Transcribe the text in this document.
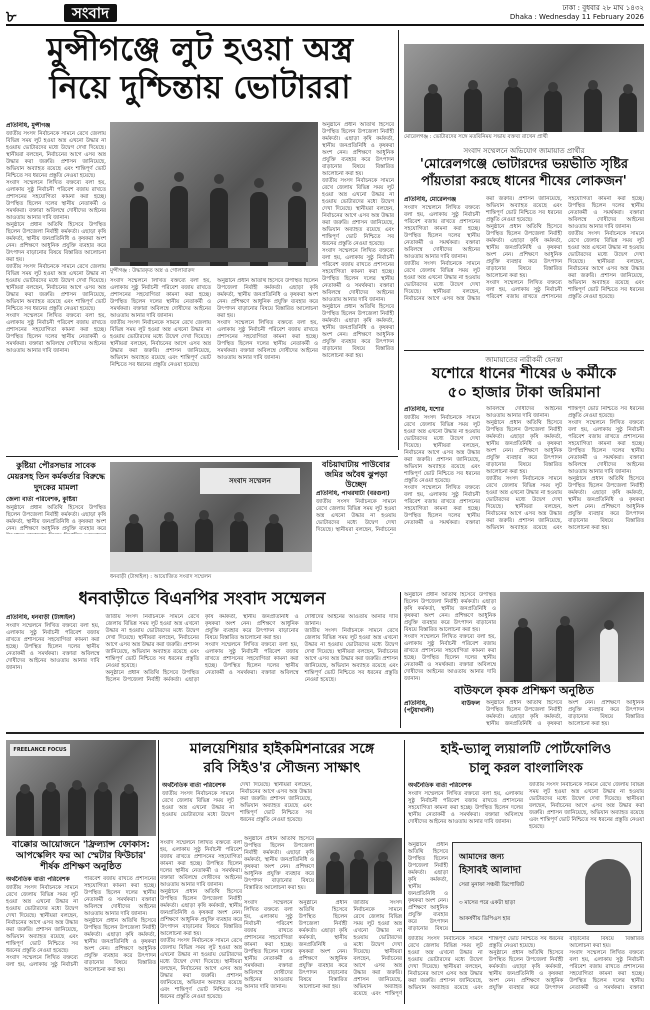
৮	সংবাদ	ঢাকা : বুধবার ২৮ মাঘ ১৪৩২
Dhaka : Wednesday 11 February 2026
মুন্সীগঞ্জে লুট হওয়া অস্ত্র
নিয়ে দুশ্চিন্তায় ভোটাররা
প্রতিনিধি, মুন্সীগঞ্জ
জাতীয় সংসদ নির্বাচনকে সামনে রেখে জেলায় বিভিন্ন সময় লুট হওয়া অস্ত্র এখনো উদ্ধার না হওয়ায় ভোটারদের মধ্যে উদ্বেগ দেখা দিয়েছে। স্থানীয়রা বলছেন, নির্বাচনের আগে এসব অস্ত্র উদ্ধার করা জরুরি। প্রশাসন জানিয়েছে, অভিযান অব্যাহত রয়েছে এবং শান্তিপূর্ণ ভোট নিশ্চিতে সব ধরনের প্রস্তুতি নেওয়া হয়েছে।
সংবাদ সম্মেলনে লিখিত বক্তব্যে বলা হয়, এলাকায় সুষ্ঠু নির্বাচনী পরিবেশ বজায় রাখতে প্রশাসনের সহযোগিতা কামনা করা হচ্ছে। উপস্থিত ছিলেন দলের স্থানীয় নেতাকর্মী ও সমর্থকরা। বক্তারা অবিলম্বে দোষীদের আইনের আওতায় আনার দাবি জানান।
অনুষ্ঠানে প্রধান অতিথি হিসেবে উপস্থিত ছিলেন উপজেলা নির্বাহী কর্মকর্তা। এছাড়া কৃষি কর্মকর্তা, স্থানীয় জনপ্রতিনিধি ও কৃষকরা অংশ নেন। প্রশিক্ষণে আধুনিক প্রযুক্তি ব্যবহার করে উৎপাদন বাড়ানোর বিষয়ে বিস্তারিত আলোচনা করা হয়।
জাতীয় সংসদ নির্বাচনকে সামনে রেখে জেলায় বিভিন্ন সময় লুট হওয়া অস্ত্র এখনো উদ্ধার না হওয়ায় ভোটারদের মধ্যে উদ্বেগ দেখা দিয়েছে। স্থানীয়রা বলছেন, নির্বাচনের আগে এসব অস্ত্র উদ্ধার করা জরুরি। প্রশাসন জানিয়েছে, অভিযান অব্যাহত রয়েছে এবং শান্তিপূর্ণ ভোট নিশ্চিতে সব ধরনের প্রস্তুতি নেওয়া হয়েছে।
সংবাদ সম্মেলনে লিখিত বক্তব্যে বলা হয়, এলাকায় সুষ্ঠু নির্বাচনী পরিবেশ বজায় রাখতে প্রশাসনের সহযোগিতা কামনা করা হচ্ছে। উপস্থিত ছিলেন দলের স্থানীয় নেতাকর্মী ও সমর্থকরা। বক্তারা অবিলম্বে দোষীদের আইনের আওতায় আনার দাবি জানান।
মুন্সীগঞ্জ : উদ্ধারকৃত অস্ত্র ও গোলাবারুদ
সংবাদ সম্মেলনে লিখিত বক্তব্যে বলা হয়, এলাকায় সুষ্ঠু নির্বাচনী পরিবেশ বজায় রাখতে প্রশাসনের সহযোগিতা কামনা করা হচ্ছে। উপস্থিত ছিলেন দলের স্থানীয় নেতাকর্মী ও সমর্থকরা। বক্তারা অবিলম্বে দোষীদের আইনের আওতায় আনার দাবি জানান।
জাতীয় সংসদ নির্বাচনকে সামনে রেখে জেলায় বিভিন্ন সময় লুট হওয়া অস্ত্র এখনো উদ্ধার না হওয়ায় ভোটারদের মধ্যে উদ্বেগ দেখা দিয়েছে। স্থানীয়রা বলছেন, নির্বাচনের আগে এসব অস্ত্র উদ্ধার করা জরুরি। প্রশাসন জানিয়েছে, অভিযান অব্যাহত রয়েছে এবং শান্তিপূর্ণ ভোট নিশ্চিতে সব ধরনের প্রস্তুতি নেওয়া হয়েছে।
অনুষ্ঠানে প্রধান অতিথি হিসেবে উপস্থিত ছিলেন উপজেলা নির্বাহী কর্মকর্তা। এছাড়া কৃষি কর্মকর্তা, স্থানীয় জনপ্রতিনিধি ও কৃষকরা অংশ নেন। প্রশিক্ষণে আধুনিক প্রযুক্তি ব্যবহার করে উৎপাদন বাড়ানোর বিষয়ে বিস্তারিত আলোচনা করা হয়।
সংবাদ সম্মেলনে লিখিত বক্তব্যে বলা হয়, এলাকায় সুষ্ঠু নির্বাচনী পরিবেশ বজায় রাখতে প্রশাসনের সহযোগিতা কামনা করা হচ্ছে। উপস্থিত ছিলেন দলের স্থানীয় নেতাকর্মী ও সমর্থকরা। বক্তারা অবিলম্বে দোষীদের আইনের আওতায় আনার দাবি জানান।
অনুষ্ঠানে প্রধান অতিথি হিসেবে উপস্থিত ছিলেন উপজেলা নির্বাহী কর্মকর্তা। এছাড়া কৃষি কর্মকর্তা, স্থানীয় জনপ্রতিনিধি ও কৃষকরা অংশ নেন। প্রশিক্ষণে আধুনিক প্রযুক্তি ব্যবহার করে উৎপাদন বাড়ানোর বিষয়ে বিস্তারিত আলোচনা করা হয়।
জাতীয় সংসদ নির্বাচনকে সামনে রেখে জেলায় বিভিন্ন সময় লুট হওয়া অস্ত্র এখনো উদ্ধার না হওয়ায় ভোটারদের মধ্যে উদ্বেগ দেখা দিয়েছে। স্থানীয়রা বলছেন, নির্বাচনের আগে এসব অস্ত্র উদ্ধার করা জরুরি। প্রশাসন জানিয়েছে, অভিযান অব্যাহত রয়েছে এবং শান্তিপূর্ণ ভোট নিশ্চিতে সব ধরনের প্রস্তুতি নেওয়া হয়েছে।
সংবাদ সম্মেলনে লিখিত বক্তব্যে বলা হয়, এলাকায় সুষ্ঠু নির্বাচনী পরিবেশ বজায় রাখতে প্রশাসনের সহযোগিতা কামনা করা হচ্ছে। উপস্থিত ছিলেন দলের স্থানীয় নেতাকর্মী ও সমর্থকরা। বক্তারা অবিলম্বে দোষীদের আইনের আওতায় আনার দাবি জানান।
অনুষ্ঠানে প্রধান অতিথি হিসেবে উপস্থিত ছিলেন উপজেলা নির্বাহী কর্মকর্তা। এছাড়া কৃষি কর্মকর্তা, স্থানীয় জনপ্রতিনিধি ও কৃষকরা অংশ নেন। প্রশিক্ষণে আধুনিক প্রযুক্তি ব্যবহার করে উৎপাদন বাড়ানোর বিষয়ে বিস্তারিত আলোচনা করা হয়।
মোরেলগঞ্জ : ভোটারদের সঙ্গে মতবিনিময় সভায় বক্তব্য রাখেন প্রার্থী
সংবাদ সম্মেলনে অভিযোগ জামায়াত প্রার্থীর
'মোরেলগঞ্জে ভোটারদের ভয়ভীতি সৃষ্টির পাঁয়তারা করছে ধানের শীষের লোকজন'
প্রতিনিধি, মোরেলগঞ্জ
সংবাদ সম্মেলনে লিখিত বক্তব্যে বলা হয়, এলাকায় সুষ্ঠু নির্বাচনী পরিবেশ বজায় রাখতে প্রশাসনের সহযোগিতা কামনা করা হচ্ছে। উপস্থিত ছিলেন দলের স্থানীয় নেতাকর্মী ও সমর্থকরা। বক্তারা অবিলম্বে দোষীদের আইনের আওতায় আনার দাবি জানান।
জাতীয় সংসদ নির্বাচনকে সামনে রেখে জেলায় বিভিন্ন সময় লুট হওয়া অস্ত্র এখনো উদ্ধার না হওয়ায় ভোটারদের মধ্যে উদ্বেগ দেখা দিয়েছে। স্থানীয়রা বলছেন, নির্বাচনের আগে এসব অস্ত্র উদ্ধার করা জরুরি। প্রশাসন জানিয়েছে, অভিযান অব্যাহত রয়েছে এবং শান্তিপূর্ণ ভোট নিশ্চিতে সব ধরনের প্রস্তুতি নেওয়া হয়েছে।
অনুষ্ঠানে প্রধান অতিথি হিসেবে উপস্থিত ছিলেন উপজেলা নির্বাহী কর্মকর্তা। এছাড়া কৃষি কর্মকর্তা, স্থানীয় জনপ্রতিনিধি ও কৃষকরা অংশ নেন। প্রশিক্ষণে আধুনিক প্রযুক্তি ব্যবহার করে উৎপাদন বাড়ানোর বিষয়ে বিস্তারিত আলোচনা করা হয়।
সংবাদ সম্মেলনে লিখিত বক্তব্যে বলা হয়, এলাকায় সুষ্ঠু নির্বাচনী পরিবেশ বজায় রাখতে প্রশাসনের সহযোগিতা কামনা করা হচ্ছে। উপস্থিত ছিলেন দলের স্থানীয় নেতাকর্মী ও সমর্থকরা। বক্তারা অবিলম্বে দোষীদের আইনের আওতায় আনার দাবি জানান।
জাতীয় সংসদ নির্বাচনকে সামনে রেখে জেলায় বিভিন্ন সময় লুট হওয়া অস্ত্র এখনো উদ্ধার না হওয়ায় ভোটারদের মধ্যে উদ্বেগ দেখা দিয়েছে। স্থানীয়রা বলছেন, নির্বাচনের আগে এসব অস্ত্র উদ্ধার করা জরুরি। প্রশাসন জানিয়েছে, অভিযান অব্যাহত রয়েছে এবং শান্তিপূর্ণ ভোট নিশ্চিতে সব ধরনের প্রস্তুতি নেওয়া হয়েছে।
জামায়াতের নারীকর্মী হেনস্তা
যশোরে ধানের শীষের ৬ কর্মীকে
৫০ হাজার টাকা জরিমানা
প্রতিনিধি, যশোর
জাতীয় সংসদ নির্বাচনকে সামনে রেখে জেলায় বিভিন্ন সময় লুট হওয়া অস্ত্র এখনো উদ্ধার না হওয়ায় ভোটারদের মধ্যে উদ্বেগ দেখা দিয়েছে। স্থানীয়রা বলছেন, নির্বাচনের আগে এসব অস্ত্র উদ্ধার করা জরুরি। প্রশাসন জানিয়েছে, অভিযান অব্যাহত রয়েছে এবং শান্তিপূর্ণ ভোট নিশ্চিতে সব ধরনের প্রস্তুতি নেওয়া হয়েছে।
সংবাদ সম্মেলনে লিখিত বক্তব্যে বলা হয়, এলাকায় সুষ্ঠু নির্বাচনী পরিবেশ বজায় রাখতে প্রশাসনের সহযোগিতা কামনা করা হচ্ছে। উপস্থিত ছিলেন দলের স্থানীয় নেতাকর্মী ও সমর্থকরা। বক্তারা অবিলম্বে দোষীদের আইনের আওতায় আনার দাবি জানান।
অনুষ্ঠানে প্রধান অতিথি হিসেবে উপস্থিত ছিলেন উপজেলা নির্বাহী কর্মকর্তা। এছাড়া কৃষি কর্মকর্তা, স্থানীয় জনপ্রতিনিধি ও কৃষকরা অংশ নেন। প্রশিক্ষণে আধুনিক প্রযুক্তি ব্যবহার করে উৎপাদন বাড়ানোর বিষয়ে বিস্তারিত আলোচনা করা হয়।
জাতীয় সংসদ নির্বাচনকে সামনে রেখে জেলায় বিভিন্ন সময় লুট হওয়া অস্ত্র এখনো উদ্ধার না হওয়ায় ভোটারদের মধ্যে উদ্বেগ দেখা দিয়েছে। স্থানীয়রা বলছেন, নির্বাচনের আগে এসব অস্ত্র উদ্ধার করা জরুরি। প্রশাসন জানিয়েছে, অভিযান অব্যাহত রয়েছে এবং শান্তিপূর্ণ ভোট নিশ্চিতে সব ধরনের প্রস্তুতি নেওয়া হয়েছে।
সংবাদ সম্মেলনে লিখিত বক্তব্যে বলা হয়, এলাকায় সুষ্ঠু নির্বাচনী পরিবেশ বজায় রাখতে প্রশাসনের সহযোগিতা কামনা করা হচ্ছে। উপস্থিত ছিলেন দলের স্থানীয় নেতাকর্মী ও সমর্থকরা। বক্তারা অবিলম্বে দোষীদের আইনের আওতায় আনার দাবি জানান।
অনুষ্ঠানে প্রধান অতিথি হিসেবে উপস্থিত ছিলেন উপজেলা নির্বাহী কর্মকর্তা। এছাড়া কৃষি কর্মকর্তা, স্থানীয় জনপ্রতিনিধি ও কৃষকরা অংশ নেন। প্রশিক্ষণে আধুনিক প্রযুক্তি ব্যবহার করে উৎপাদন বাড়ানোর বিষয়ে বিস্তারিত আলোচনা করা হয়।
কুষ্টিয়া পৌরসভার সাবেক মেয়রসহ তিন কর্মকর্তার বিরুদ্ধে দুদকের মামলা
জেলা বার্তা পরিবেশক, কুষ্টিয়া
অনুষ্ঠানে প্রধান অতিথি হিসেবে উপস্থিত ছিলেন উপজেলা নির্বাহী কর্মকর্তা। এছাড়া কৃষি কর্মকর্তা, স্থানীয় জনপ্রতিনিধি ও কৃষকরা অংশ নেন। প্রশিক্ষণে আধুনিক প্রযুক্তি ব্যবহার করে
বচিয়াঘাটায় পাউবোর জমির অবৈধ ঝুপড়া উচ্ছেদ
প্রতিনিধি, পাথরঘাটা (বরগুনা)
জাতীয় সংসদ নির্বাচনকে সামনে রেখে জেলায় বিভিন্ন সময় লুট হওয়া অস্ত্র এখনো উদ্ধার না হওয়ায় ভোটারদের মধ্যে উদ্বেগ দেখা দিয়েছে। স্থানীয়রা বলছেন, নির্বাচনের
সংবাদ সম্মেলন
ধনবাড়ী (টাঙ্গাইল) : আয়োজিত সংবাদ সম্মেলন
ধনবাড়ীতে বিএনপির সংবাদ সম্মেলন
প্রতিনিধি, ধনবাড়ী (টাঙ্গাইল)
সংবাদ সম্মেলনে লিখিত বক্তব্যে বলা হয়, এলাকায় সুষ্ঠু নির্বাচনী পরিবেশ বজায় রাখতে প্রশাসনের সহযোগিতা কামনা করা হচ্ছে। উপস্থিত ছিলেন দলের স্থানীয় নেতাকর্মী ও সমর্থকরা। বক্তারা অবিলম্বে দোষীদের আইনের আওতায় আনার দাবি জানান।
জাতীয় সংসদ নির্বাচনকে সামনে রেখে জেলায় বিভিন্ন সময় লুট হওয়া অস্ত্র এখনো উদ্ধার না হওয়ায় ভোটারদের মধ্যে উদ্বেগ দেখা দিয়েছে। স্থানীয়রা বলছেন, নির্বাচনের আগে এসব অস্ত্র উদ্ধার করা জরুরি। প্রশাসন জানিয়েছে, অভিযান অব্যাহত রয়েছে এবং শান্তিপূর্ণ ভোট নিশ্চিতে সব ধরনের প্রস্তুতি নেওয়া হয়েছে।
অনুষ্ঠানে প্রধান অতিথি হিসেবে উপস্থিত ছিলেন উপজেলা নির্বাহী কর্মকর্তা। এছাড়া কৃষি কর্মকর্তা, স্থানীয় জনপ্রতিনিধি ও কৃষকরা অংশ নেন। প্রশিক্ষণে আধুনিক প্রযুক্তি ব্যবহার করে উৎপাদন বাড়ানোর বিষয়ে বিস্তারিত আলোচনা করা হয়।
সংবাদ সম্মেলনে লিখিত বক্তব্যে বলা হয়, এলাকায় সুষ্ঠু নির্বাচনী পরিবেশ বজায় রাখতে প্রশাসনের সহযোগিতা কামনা করা হচ্ছে। উপস্থিত ছিলেন দলের স্থানীয় নেতাকর্মী ও সমর্থকরা। বক্তারা অবিলম্বে দোষীদের আইনের আওতায় আনার দাবি জানান।
জাতীয় সংসদ নির্বাচনকে সামনে রেখে জেলায় বিভিন্ন সময় লুট হওয়া অস্ত্র এখনো উদ্ধার না হওয়ায় ভোটারদের মধ্যে উদ্বেগ দেখা দিয়েছে। স্থানীয়রা বলছেন, নির্বাচনের আগে এসব অস্ত্র উদ্ধার করা জরুরি। প্রশাসন জানিয়েছে, অভিযান অব্যাহত রয়েছে এবং শান্তিপূর্ণ ভোট নিশ্চিতে সব ধরনের প্রস্তুতি নেওয়া হয়েছে।
অনুষ্ঠানে প্রধান অতিথি হিসেবে উপস্থিত ছিলেন উপজেলা নির্বাহী কর্মকর্তা। এছাড়া কৃষি কর্মকর্তা, স্থানীয় জনপ্রতিনিধি ও কৃষকরা অংশ নেন। প্রশিক্ষণে আধুনিক প্রযুক্তি ব্যবহার করে উৎপাদন বাড়ানোর বিষয়ে বিস্তারিত আলোচনা করা হয়।
সংবাদ সম্মেলনে লিখিত বক্তব্যে বলা হয়, এলাকায় সুষ্ঠু নির্বাচনী পরিবেশ বজায় রাখতে প্রশাসনের সহযোগিতা কামনা করা হচ্ছে। উপস্থিত ছিলেন দলের স্থানীয় নেতাকর্মী ও সমর্থকরা। বক্তারা অবিলম্বে দোষীদের আইনের আওতায় আনার দাবি জানান।
বাউফলে কৃষক প্রশিক্ষণ অনুষ্ঠিত
প্রতিনিধি, বাউফল (পটুয়াখালী)
অনুষ্ঠানে প্রধান অতিথি হিসেবে উপস্থিত ছিলেন উপজেলা নির্বাহী কর্মকর্তা। এছাড়া কৃষি কর্মকর্তা, স্থানীয় জনপ্রতিনিধি ও কৃষকরা অংশ নেন। প্রশিক্ষণে আধুনিক প্রযুক্তি ব্যবহার করে উৎপাদন বাড়ানোর বিষয়ে বিস্তারিত আলোচনা করা হয়।
FREELANCE FOCUS
বাক্কোর আয়োজনে 'ফ্রিল্যান্স ফোকাস: আপস্কেলিং ফর আ স্মেটার ফিউচার' শীর্ষক প্রশিক্ষণ অনুষ্ঠিত
অর্থনৈতিক বার্তা পরিবেশক
জাতীয় সংসদ নির্বাচনকে সামনে রেখে জেলায় বিভিন্ন সময় লুট হওয়া অস্ত্র এখনো উদ্ধার না হওয়ায় ভোটারদের মধ্যে উদ্বেগ দেখা দিয়েছে। স্থানীয়রা বলছেন, নির্বাচনের আগে এসব অস্ত্র উদ্ধার করা জরুরি। প্রশাসন জানিয়েছে, অভিযান অব্যাহত রয়েছে এবং শান্তিপূর্ণ ভোট নিশ্চিতে সব ধরনের প্রস্তুতি নেওয়া হয়েছে।
সংবাদ সম্মেলনে লিখিত বক্তব্যে বলা হয়, এলাকায় সুষ্ঠু নির্বাচনী পরিবেশ বজায় রাখতে প্রশাসনের সহযোগিতা কামনা করা হচ্ছে। উপস্থিত ছিলেন দলের স্থানীয় নেতাকর্মী ও সমর্থকরা। বক্তারা অবিলম্বে দোষীদের আইনের আওতায় আনার দাবি জানান।
অনুষ্ঠানে প্রধান অতিথি হিসেবে উপস্থিত ছিলেন উপজেলা নির্বাহী কর্মকর্তা। এছাড়া কৃষি কর্মকর্তা, স্থানীয় জনপ্রতিনিধি ও কৃষকরা অংশ নেন। প্রশিক্ষণে আধুনিক প্রযুক্তি ব্যবহার করে উৎপাদন বাড়ানোর বিষয়ে বিস্তারিত আলোচনা করা হয়।
সংবাদ সম্মেলনে লিখিত বক্তব্যে বলা হয়, এলাকায় সুষ্ঠু নির্বাচনী পরিবেশ বজায় রাখতে প্রশাসনের সহযোগিতা কামনা করা হচ্ছে। উপস্থিত ছিলেন দলের স্থানীয় নেতাকর্মী ও সমর্থকরা। বক্তারা অবিলম্বে দোষীদের আইনের আওতায় আনার দাবি জানান।
অনুষ্ঠানে প্রধান অতিথি হিসেবে উপস্থিত ছিলেন উপজেলা নির্বাহী কর্মকর্তা। এছাড়া কৃষি কর্মকর্তা, স্থানীয় জনপ্রতিনিধি ও কৃষকরা অংশ নেন। প্রশিক্ষণে আধুনিক প্রযুক্তি ব্যবহার করে উৎপাদন বাড়ানোর বিষয়ে বিস্তারিত আলোচনা করা হয়।
জাতীয় সংসদ নির্বাচনকে সামনে রেখে জেলায় বিভিন্ন সময় লুট হওয়া অস্ত্র এখনো উদ্ধার না হওয়ায় ভোটারদের মধ্যে উদ্বেগ দেখা দিয়েছে। স্থানীয়রা বলছেন, নির্বাচনের আগে এসব অস্ত্র উদ্ধার করা জরুরি। প্রশাসন জানিয়েছে, অভিযান অব্যাহত রয়েছে এবং শান্তিপূর্ণ ভোট নিশ্চিতে সব ধরনের প্রস্তুতি নেওয়া হয়েছে।
মালয়েশিয়ার হাইকমিশনারের সঙ্গে
রবি সিইও'র সৌজন্য সাক্ষাৎ
অর্থনৈতিক বার্তা পরিবেশক
জাতীয় সংসদ নির্বাচনকে সামনে রেখে জেলায় বিভিন্ন সময় লুট হওয়া অস্ত্র এখনো উদ্ধার না হওয়ায় ভোটারদের মধ্যে উদ্বেগ দেখা দিয়েছে। স্থানীয়রা বলছেন, নির্বাচনের আগে এসব অস্ত্র উদ্ধার করা জরুরি। প্রশাসন জানিয়েছে, অভিযান অব্যাহত রয়েছে এবং শান্তিপূর্ণ ভোট নিশ্চিতে সব ধরনের প্রস্তুতি নেওয়া হয়েছে।
সংবাদ সম্মেলনে লিখিত বক্তব্যে বলা হয়, এলাকায় সুষ্ঠু নির্বাচনী পরিবেশ বজায় রাখতে প্রশাসনের সহযোগিতা কামনা করা হচ্ছে। উপস্থিত ছিলেন দলের স্থানীয় নেতাকর্মী ও সমর্থকরা। বক্তারা অবিলম্বে দোষীদের আইনের আওতায় আনার দাবি জানান।
অনুষ্ঠানে প্রধান অতিথি হিসেবে উপস্থিত ছিলেন উপজেলা নির্বাহী কর্মকর্তা। এছাড়া কৃষি কর্মকর্তা, স্থানীয় জনপ্রতিনিধি ও কৃষকরা অংশ নেন। প্রশিক্ষণে আধুনিক প্রযুক্তি ব্যবহার করে উৎপাদন বাড়ানোর বিষয়ে বিস্তারিত আলোচনা করা হয়।
জাতীয় সংসদ নির্বাচনকে সামনে রেখে জেলায় বিভিন্ন সময় লুট হওয়া অস্ত্র এখনো উদ্ধার না হওয়ায় ভোটারদের মধ্যে উদ্বেগ দেখা দিয়েছে। স্থানীয়রা বলছেন, নির্বাচনের আগে এসব অস্ত্র উদ্ধার করা জরুরি। প্রশাসন জানিয়েছে, অভিযান অব্যাহত রয়েছে এবং শান্তিপূর্ণ
অনুষ্ঠানে প্রধান অতিথি হিসেবে উপস্থিত ছিলেন উপজেলা নির্বাহী কর্মকর্তা। এছাড়া কৃষি কর্মকর্তা, স্থানীয় জনপ্রতিনিধি ও কৃষকরা অংশ নেন। প্রশিক্ষণে আধুনিক প্রযুক্তি ব্যবহার করে উৎপাদন বাড়ানোর বিষয়ে বিস্তারিত আলোচনা করা হয়।
হাই-ভ্যালু ল্যয়ালটি পোর্টফোলিও
চালু করল বাংলালিংক
অর্থনৈতিক বার্তা পরিবেশক
সংবাদ সম্মেলনে লিখিত বক্তব্যে বলা হয়, এলাকায় সুষ্ঠু নির্বাচনী পরিবেশ বজায় রাখতে প্রশাসনের সহযোগিতা কামনা করা হচ্ছে। উপস্থিত ছিলেন দলের স্থানীয় নেতাকর্মী ও সমর্থকরা। বক্তারা অবিলম্বে দোষীদের আইনের আওতায় আনার দাবি জানান।
জাতীয় সংসদ নির্বাচনকে সামনে রেখে জেলায় বিভিন্ন সময় লুট হওয়া অস্ত্র এখনো উদ্ধার না হওয়ায় ভোটারদের মধ্যে উদ্বেগ দেখা দিয়েছে। স্থানীয়রা বলছেন, নির্বাচনের আগে এসব অস্ত্র উদ্ধার করা জরুরি। প্রশাসন জানিয়েছে, অভিযান অব্যাহত রয়েছে এবং শান্তিপূর্ণ ভোট নিশ্চিতে সব ধরনের প্রস্তুতি নেওয়া হয়েছে।
আমাদের জন্য
হিসাবই আলাদা
সেরা মুনাফা সঞ্চয়ী ডিপোজিট
৩ মাসের পরে একটা ছাড়া
আকর্ষণীয় ডিপিএস হার
অনুষ্ঠানে প্রধান অতিথি হিসেবে উপস্থিত ছিলেন উপজেলা নির্বাহী কর্মকর্তা। এছাড়া কৃষি কর্মকর্তা, স্থানীয় জনপ্রতিনিধি ও কৃষকরা অংশ নেন। প্রশিক্ষণে আধুনিক প্রযুক্তি ব্যবহার করে উৎপাদন বাড়ানোর বিষয়ে
জাতীয় সংসদ নির্বাচনকে সামনে রেখে জেলায় বিভিন্ন সময় লুট হওয়া অস্ত্র এখনো উদ্ধার না হওয়ায় ভোটারদের মধ্যে উদ্বেগ দেখা দিয়েছে। স্থানীয়রা বলছেন, নির্বাচনের আগে এসব অস্ত্র উদ্ধার করা জরুরি। প্রশাসন জানিয়েছে, অভিযান অব্যাহত রয়েছে এবং শান্তিপূর্ণ ভোট নিশ্চিতে সব ধরনের প্রস্তুতি নেওয়া হয়েছে।
অনুষ্ঠানে প্রধান অতিথি হিসেবে উপস্থিত ছিলেন উপজেলা নির্বাহী কর্মকর্তা। এছাড়া কৃষি কর্মকর্তা, স্থানীয় জনপ্রতিনিধি ও কৃষকরা অংশ নেন। প্রশিক্ষণে আধুনিক প্রযুক্তি ব্যবহার করে উৎপাদন বাড়ানোর বিষয়ে বিস্তারিত আলোচনা করা হয়।
সংবাদ সম্মেলনে লিখিত বক্তব্যে বলা হয়, এলাকায় সুষ্ঠু নির্বাচনী পরিবেশ বজায় রাখতে প্রশাসনের সহযোগিতা কামনা করা হচ্ছে। উপস্থিত ছিলেন দলের স্থানীয় নেতাকর্মী ও সমর্থকরা। বক্তারা
